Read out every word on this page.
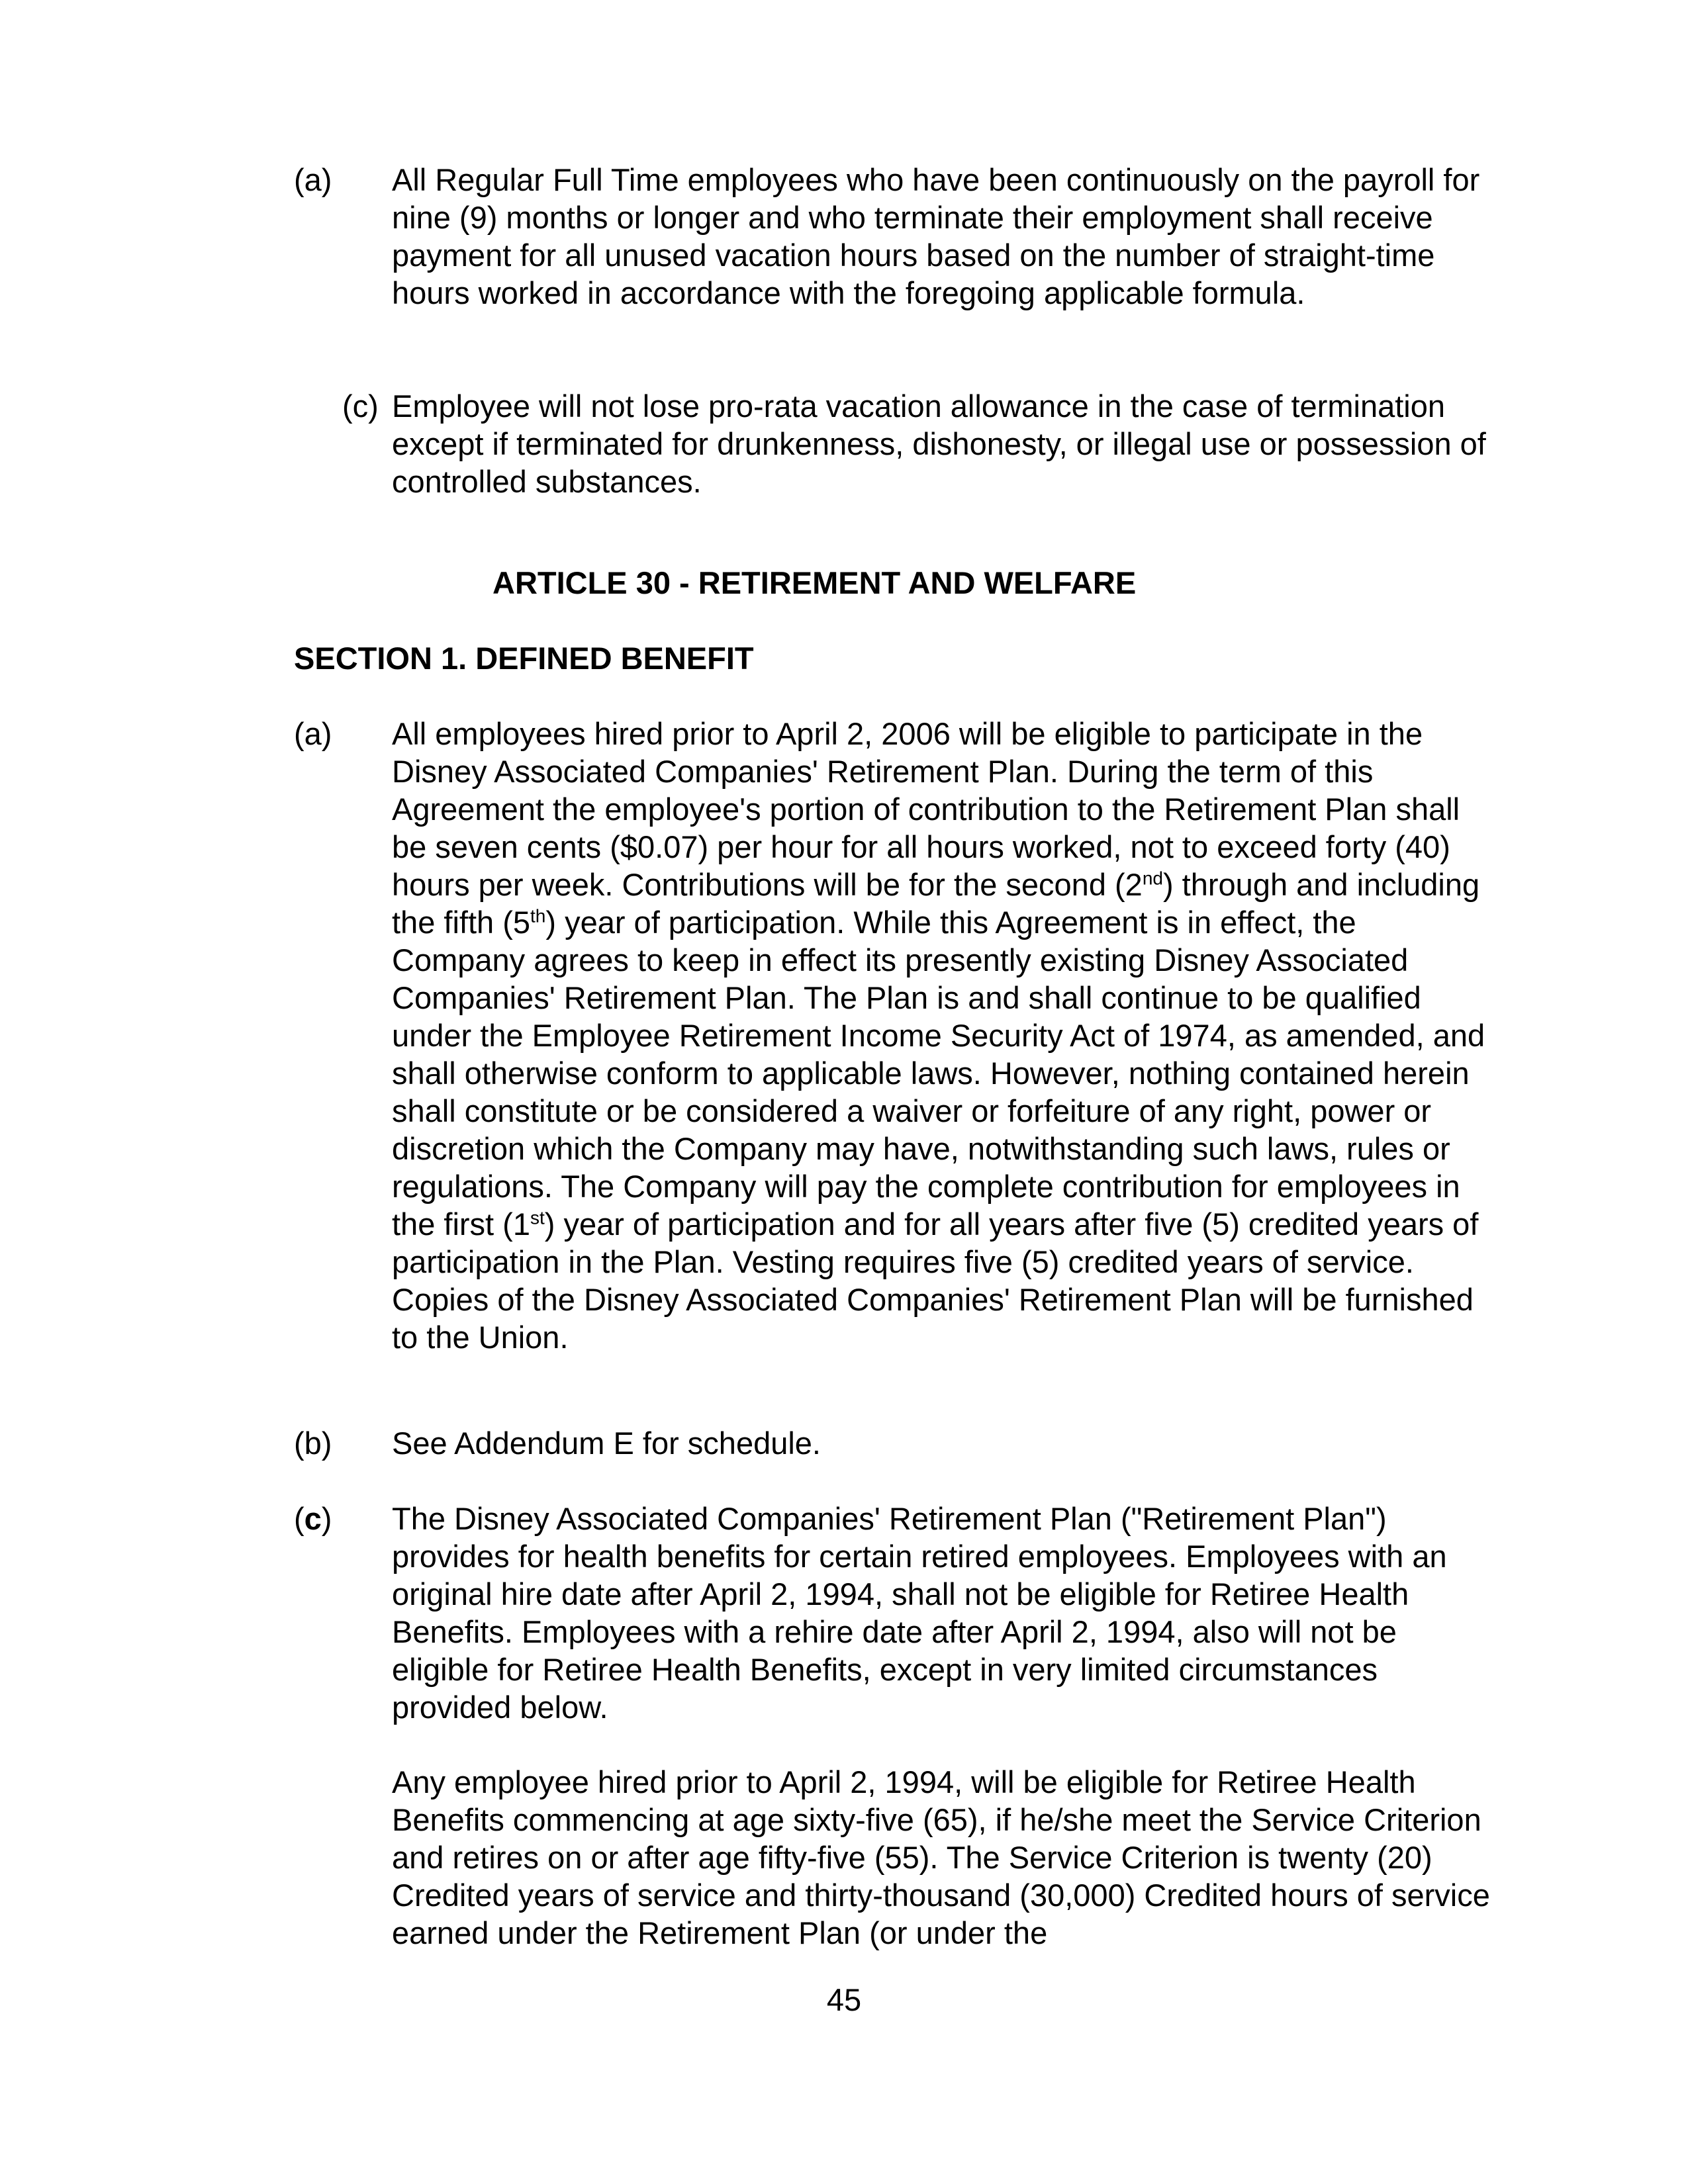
(a) All Regular Full Time employees who have been continuously on the payroll for nine (9) months or longer and who terminate their employment shall receive payment for all unused vacation hours based on the number of straight-time hours worked in accordance with the foregoing applicable formula.

(c) Employee will not lose pro-rata vacation allowance in the case of termination except if terminated for drunkenness, dishonesty, or illegal use or possession of controlled substances.

ARTICLE 30 - RETIREMENT AND WELFARE
SECTION 1. DEFINED BENEFIT
(a) All employees hired prior to April 2, 2006 will be eligible to participate in the Disney Associated Companies' Retirement Plan. During the term of this Agreement the employee's portion of contribution to the Retirement Plan shall be seven cents ($0.07) per hour for all hours worked, not to exceed forty (40) hours per week. Contributions will be for the second (2nd) through and including the fifth (5th) year of participation. While this Agreement is in effect, the Company agrees to keep in effect its presently existing Disney Associated Companies' Retirement Plan. The Plan is and shall continue to be qualified under the Employee Retirement Income Security Act of 1974, as amended, and shall otherwise conform to applicable laws. However, nothing contained herein shall constitute or be considered a waiver or forfeiture of any right, power or discretion which the Company may have, notwithstanding such laws, rules or regulations. The Company will pay the complete contribution for employees in the first (1st) year of participation and for all years after five (5) credited years of participation in the Plan. Vesting requires five (5) credited years of service. Copies of the Disney Associated Companies' Retirement Plan will be furnished to the Union.

(b) See Addendum E for schedule.

(c) The Disney Associated Companies' Retirement Plan ("Retirement Plan") provides for health benefits for certain retired employees. Employees with an original hire date after April 2, 1994, shall not be eligible for Retiree Health Benefits. Employees with a rehire date after April 2, 1994, also will not be eligible for Retiree Health Benefits, except in very limited circumstances provided below.

Any employee hired prior to April 2, 1994, will be eligible for Retiree Health Benefits commencing at age sixty-five (65), if he/she meet the Service Criterion and retires on or after age fifty-five (55). The Service Criterion is twenty (20) Credited years of service and thirty-thousand (30,000) Credited hours of service earned under the Retirement Plan (or under the

45
